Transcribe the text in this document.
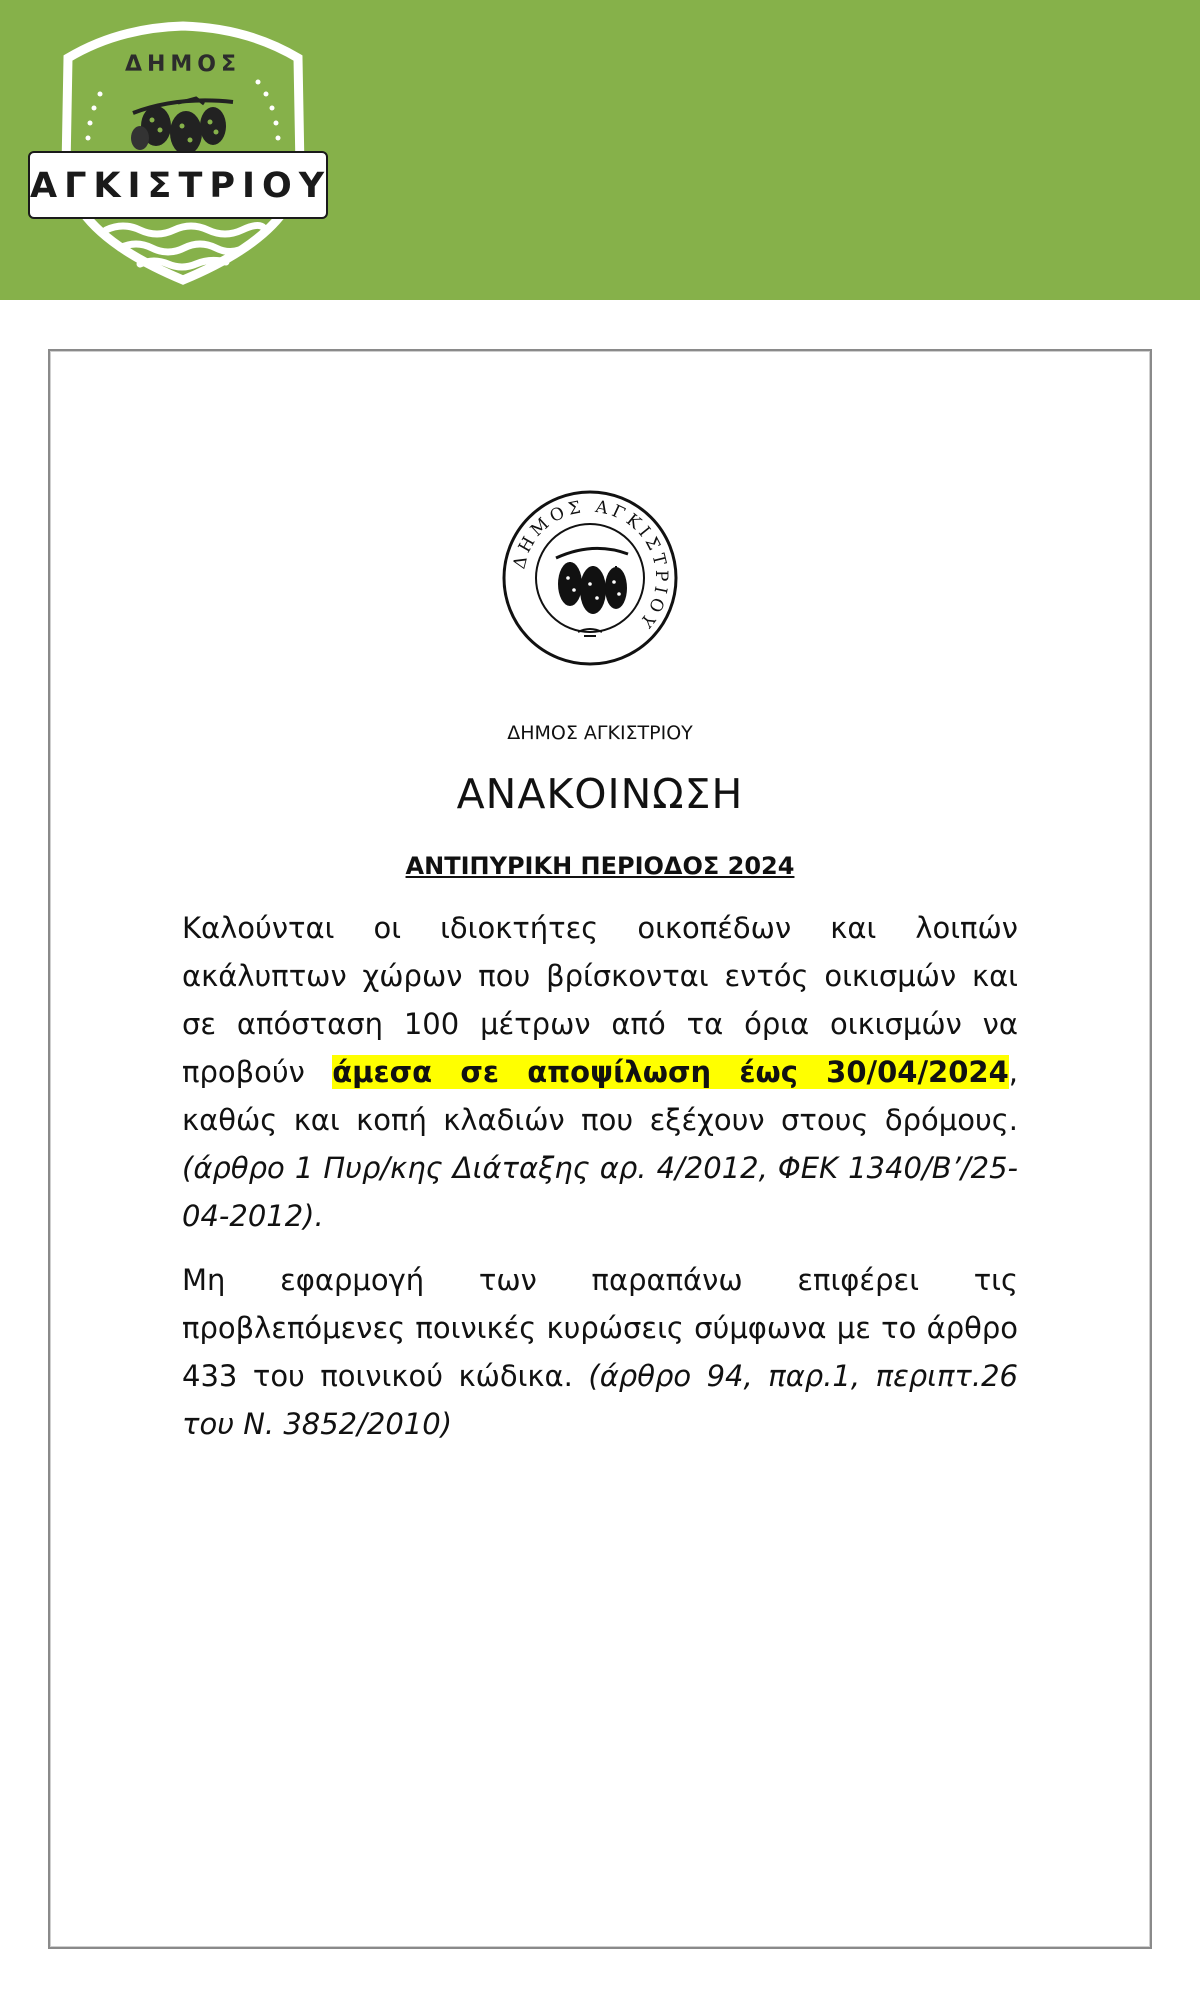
ΔΗΜΟΣ
ΑΓΚΙΣΤΡΙΟΥ
ΔΗΜΟΣ ΑΓΚΙΣΤΡΙΟΥ
ΔΗΜΟΣ ΑΓΚΙΣΤΡΙΟΥ
ΑΝΑΚΟΙΝΩΣΗ
ΑΝΤΙΠΥΡΙΚΗ ΠΕΡΙΟΔΟΣ 2024
Καλούνται οι ιδιοκτήτες οικοπέδων και λοιπών ακάλυπτων χώρων που βρίσκονται εντός οικισμών και σε απόσταση 100 μέτρων από τα όρια οικισμών να προβούν άμεσα σε αποψίλωση έως 30/04/2024, καθώς και κοπή κλαδιών που εξέχουν στους δρόμους. (άρθρο 1 Πυρ/κης Διάταξης αρ. 4/2012, ΦΕΚ 1340/Β’/25-04-2012).
Μη εφαρμογή των παραπάνω επιφέρει τις προβλεπόμενες ποινικές κυρώσεις σύμφωνα με το άρθρο 433 του ποινικού κώδικα. (άρθρο 94, παρ.1, περιπτ.26 του Ν. 3852/2010)
